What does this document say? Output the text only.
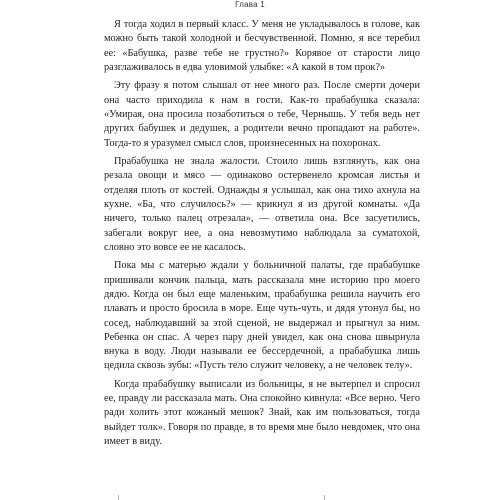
Глава 1

Я тогда ходил в первый класс. У меня не укладывалось в голове, как можно быть такой холодной и бесчувственной. Помню, я все теребил ее: «Бабушка, разве тебе не грустно?» Корявое от старости лицо разглаживалось в едва уловимой улыбке: «А какой в том прок?»

Эту фразу я потом слышал от нее много раз. После смерти дочери она часто приходила к нам в гости. Как-то прабабушка сказала: «Умирая, она просила позаботиться о тебе, Чернышь. У тебя ведь нет других бабушек и дедушек, а родители вечно пропадают на работе». Тогда-то я уразумел смысл слов, произнесенных на похоронах.

Прабабушка не знала жалости. Стоило лишь взглянуть, как она резала овощи и мясо — одинаково остервенело кромсая листья и отделяя плоть от костей. Однажды я услышал, как она тихо ахнула на кухне. «Ба, что случилось?» — крикнул я из другой комнаты. «Да ничего, только палец отрезала», — ответила она. Все засуетились, забегали вокруг нее, а она невозмутимо наблюдала за суматохой, словно это вовсе ее не касалось.

Пока мы с матерью ждали у больничной палаты, где прабабушке пришивали кончик пальца, мать рассказала мне историю про моего дядю. Когда он был еще маленьким, прабабушка решила научить его плавать и просто бросила в море. Еще чуть-чуть, и дядя утонул бы, но сосед, наблюдавший за этой сценой, не выдержал и прыгнул за ним. Ребенка он спас. А через пару дней увидел, как она снова швырнула внука в воду. Люди называли ее бессердечной, а прабабушка лишь цедила сквозь зубы: «Пусть тело служит человеку, а не человек телу».

Когда прабабушку выписали из больницы, я не вытерпел и спросил ее, правду ли рассказала мать. Она спокойно кивнула: «Все верно. Чего ради холить этот кожаный мешок? Знай, как им пользоваться, тогда выйдет толк». Говоря по правде, в то время мне было невдомек, что она имеет в виду.
